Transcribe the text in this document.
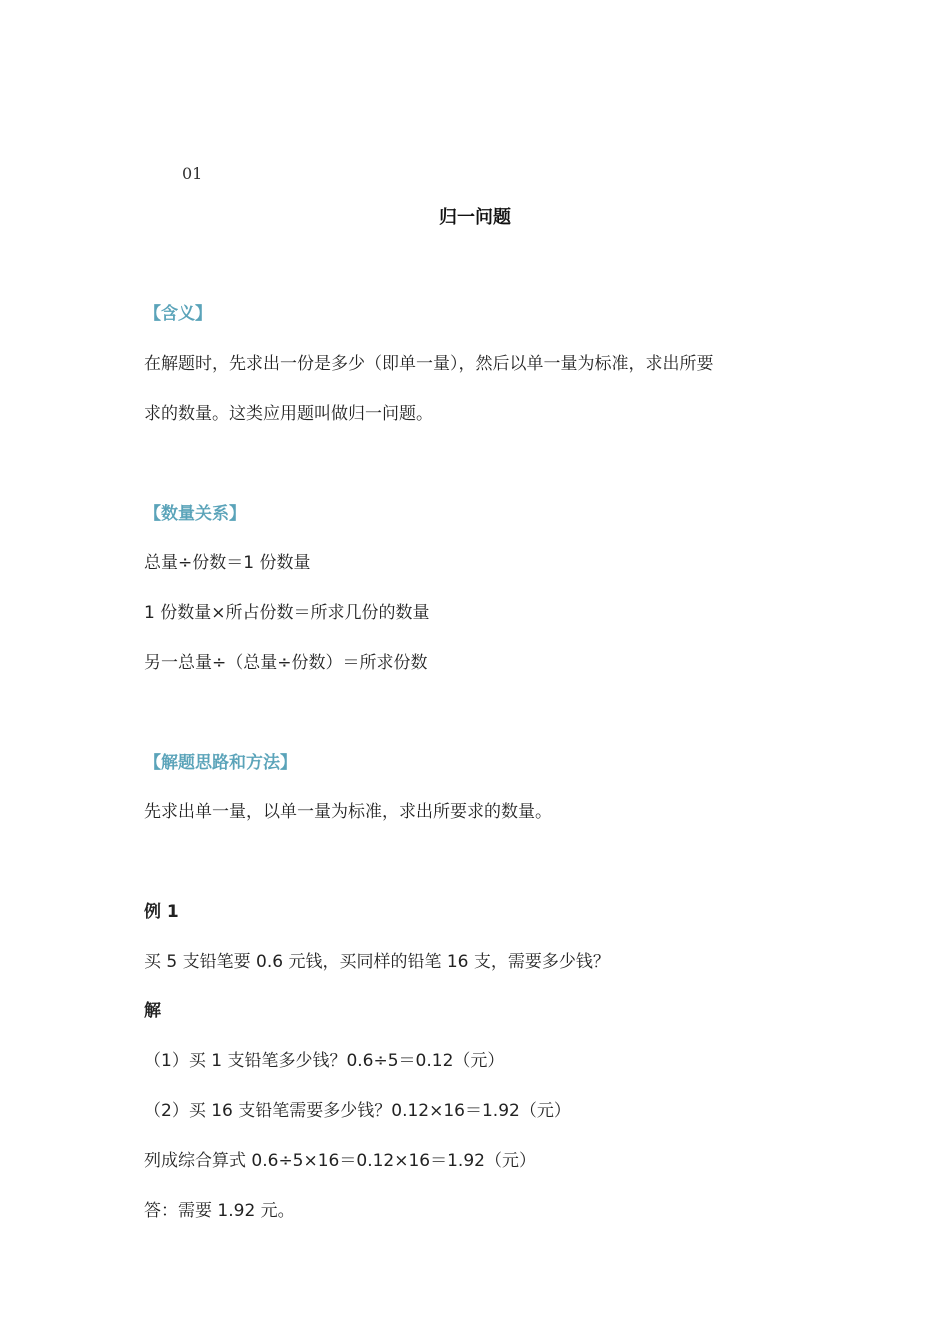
01
归一问题
【含义】
在解题时，先求出一份是多少（即单一量），然后以单一量为标准，求出所要
求的数量。这类应用题叫做归一问题。
【数量关系】
总量÷份数＝1 份数量
1 份数量×所占份数＝所求几份的数量
另一总量÷（总量÷份数）＝所求份数
【解题思路和方法】
先求出单一量，以单一量为标准，求出所要求的数量。
例 1
买 5 支铅笔要 0.6 元钱，买同样的铅笔 16 支，需要多少钱？
解
（1）买 1 支铅笔多少钱？0.6÷5＝0.12（元）
（2）买 16 支铅笔需要多少钱？0.12×16＝1.92（元）
列成综合算式 0.6÷5×16＝0.12×16＝1.92（元）
答：需要 1.92 元。
